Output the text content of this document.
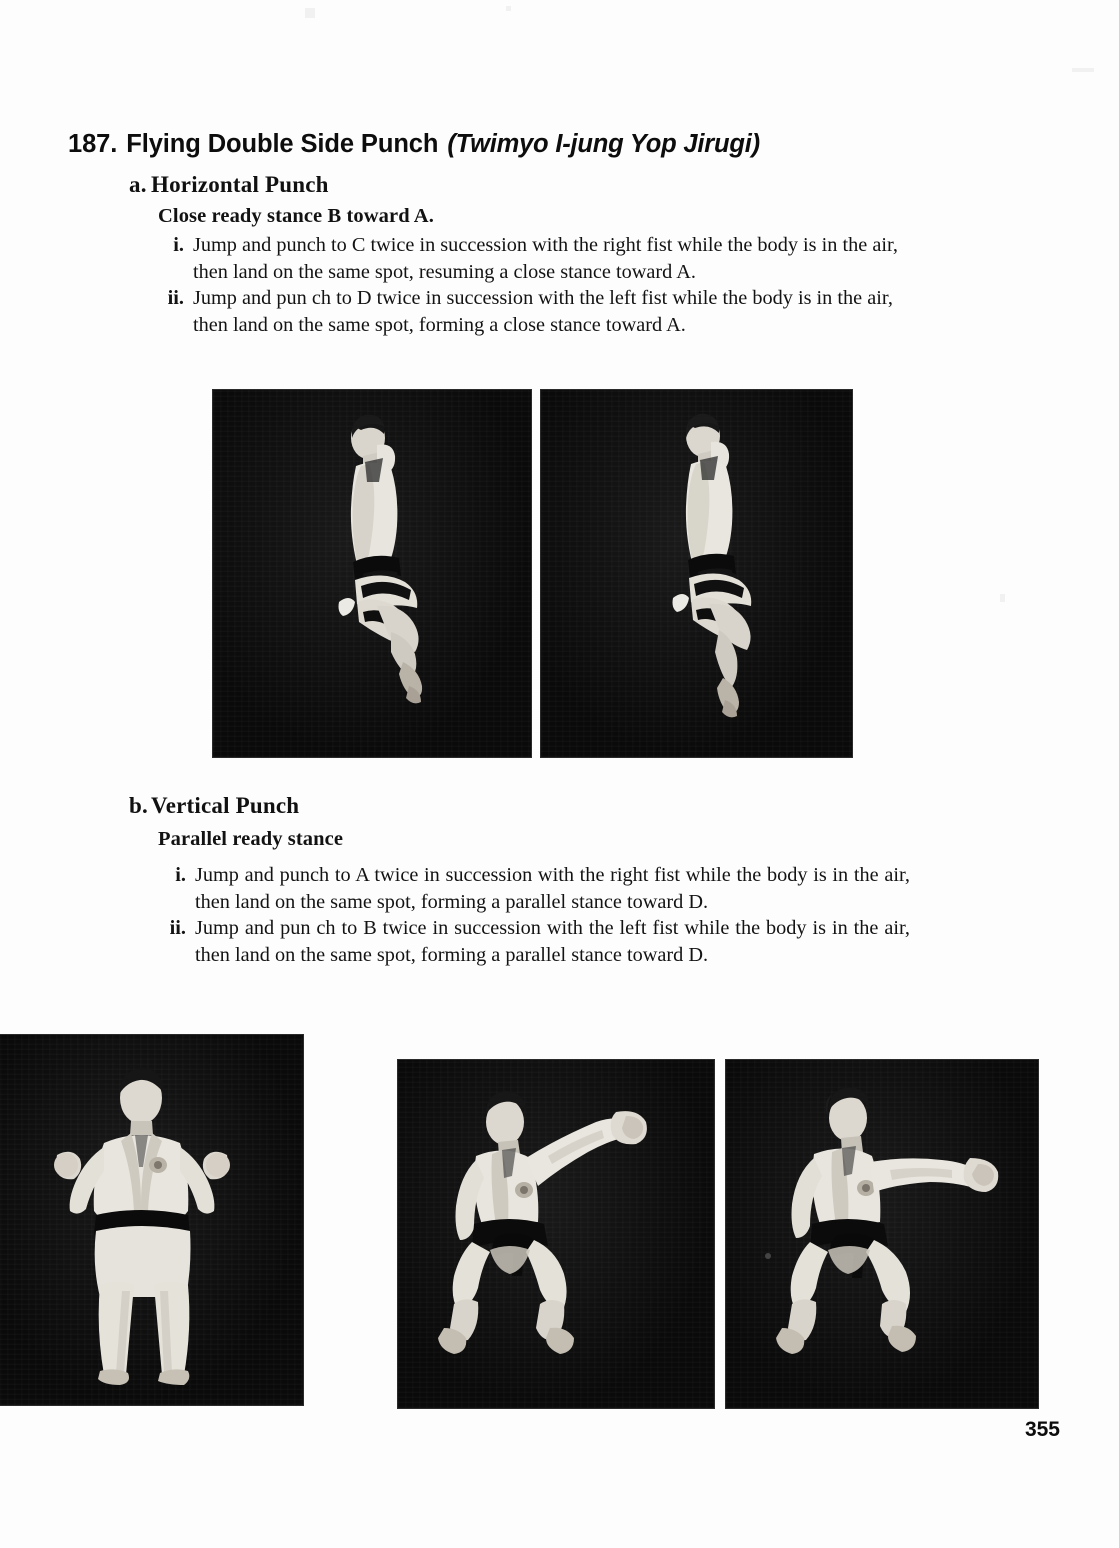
187. Flying Double Side Punch (Twimyo I-jung Yop Jirugi)
a. Horizontal Punch
Close ready stance B toward A.
i. Jump and punch to C twice in succession with the right fist while the body is in the air, then land on the same spot, resuming a close stance toward A.
ii. Jump and pun ch to D twice in succession with the left fist while the body is in the air, then land on the same spot, forming a close stance toward A.
b. Vertical Punch
Parallel ready stance
i. Jump and punch to A twice in succession with the right fist while the body is in the air, then land on the same spot, forming a parallel stance toward D.
ii. Jump and pun ch to B twice in succession with the left fist while the body is in the air, then land on the same spot, forming a parallel stance toward D.
355
